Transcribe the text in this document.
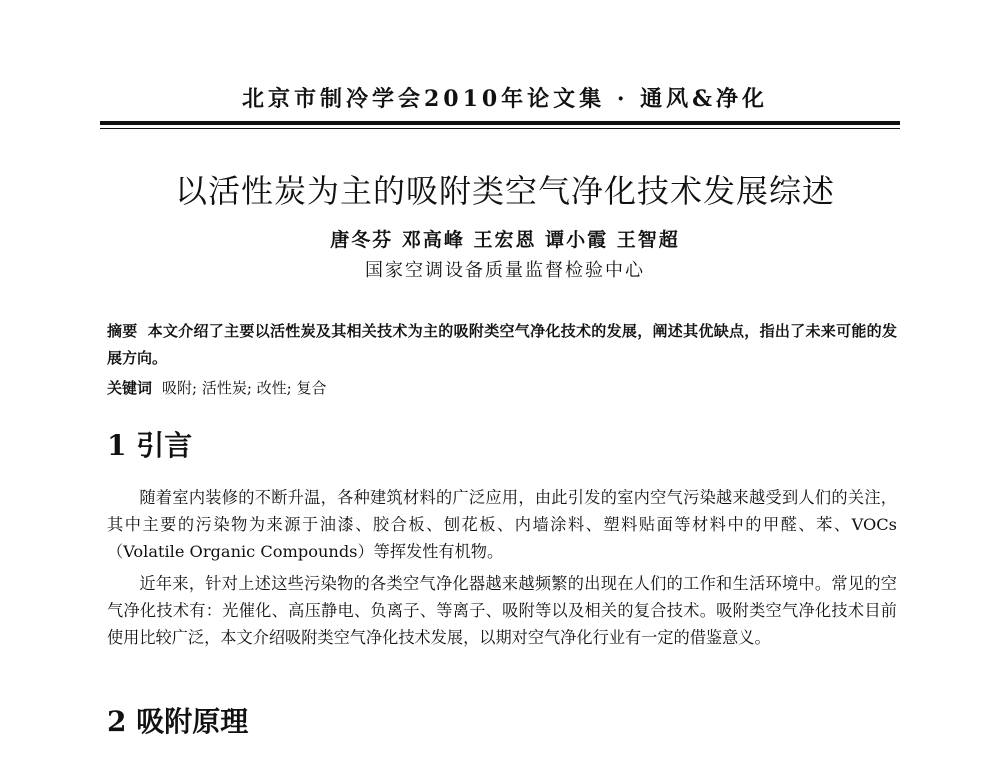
北京市制冷学会2010年论文集 · 通风&净化
以活性炭为主的吸附类空气净化技术发展综述
唐冬芬 邓高峰 王宏恩 谭小霞 王智超
国家空调设备质量监督检验中心
摘要 本文介绍了主要以活性炭及其相关技术为主的吸附类空气净化技术的发展，阐述其优缺点，指出了未来可能的发展方向。
关键词 吸附; 活性炭; 改性; 复合
1 引言
随着室内装修的不断升温，各种建筑材料的广泛应用，由此引发的室内空气污染越来越受到人们的关注，其中主要的污染物为来源于油漆、胶合板、刨花板、内墙涂料、塑料贴面等材料中的甲醛、苯、VOCs（Volatile Organic Compounds）等挥发性有机物。
近年来，针对上述这些污染物的各类空气净化器越来越频繁的出现在人们的工作和生活环境中。常见的空气净化技术有：光催化、高压静电、负离子、等离子、吸附等以及相关的复合技术。吸附类空气净化技术目前使用比较广泛，本文介绍吸附类空气净化技术发展，以期对空气净化行业有一定的借鉴意义。
2 吸附原理
